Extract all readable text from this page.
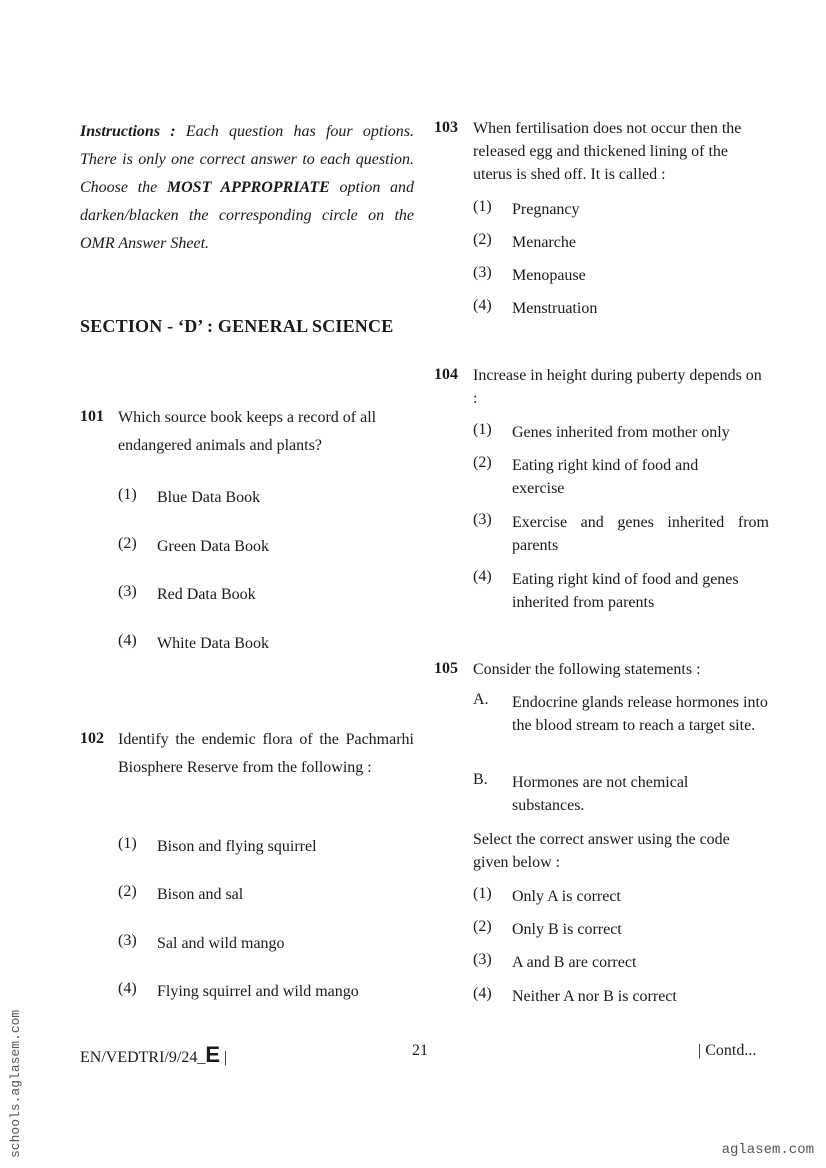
Instructions : Each question has four options. There is only one correct answer to each question. Choose the MOST APPROPRIATE option and darken/blacken the corresponding circle on the OMR Answer Sheet.
SECTION - ‘D’ : GENERAL SCIENCE
101 Which source book keeps a record of all endangered animals and plants?
(1) Blue Data Book
(2) Green Data Book
(3) Red Data Book
(4) White Data Book
102 Identify the endemic flora of the Pachmarhi Biosphere Reserve from the following :
(1) Bison and flying squirrel
(2) Bison and sal
(3) Sal and wild mango
(4) Flying squirrel and wild mango
103 When fertilisation does not occur then the released egg and thickened lining of the uterus is shed off. It is called :
(1) Pregnancy
(2) Menarche
(3) Menopause
(4) Menstruation
104 Increase in height during puberty depends on :
(1) Genes inherited from mother only
(2) Eating right kind of food and exercise
(3) Exercise and genes inherited from parents
(4) Eating right kind of food and genes inherited from parents
105 Consider the following statements :
A. Endocrine glands release hormones into the blood stream to reach a target site.
B. Hormones are not chemical substances.
Select the correct answer using the code given below :
(1) Only A is correct
(2) Only B is correct
(3) A and B are correct
(4) Neither A nor B is correct
EN/VEDTRI/9/24_E |	21	| Contd...
schools.aglasem.com	aglasem.com
